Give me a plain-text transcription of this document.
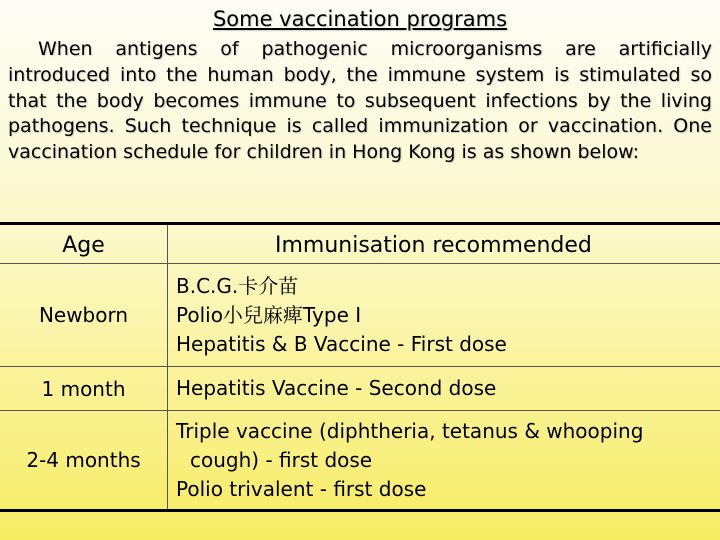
Some vaccination programs

When antigens of pathogenic microorganisms are artificially introduced into the human body, the immune system is stimulated so that the body becomes immune to subsequent infections by the living pathogens. Such technique is called immunization or vaccination. One vaccination schedule for children in Hong Kong is as shown below:

Age	Immunisation recommended
Newborn	B.C.G.卡介苗
Polio小兒麻痺Type I
Hepatitis & B Vaccine - First dose

1 month	Hepatitis Vaccine - Second dose

2-4 months	Triple vaccine (diphtheria, tetanus & whooping
cough) - first dose
Polio trivalent - first dose
